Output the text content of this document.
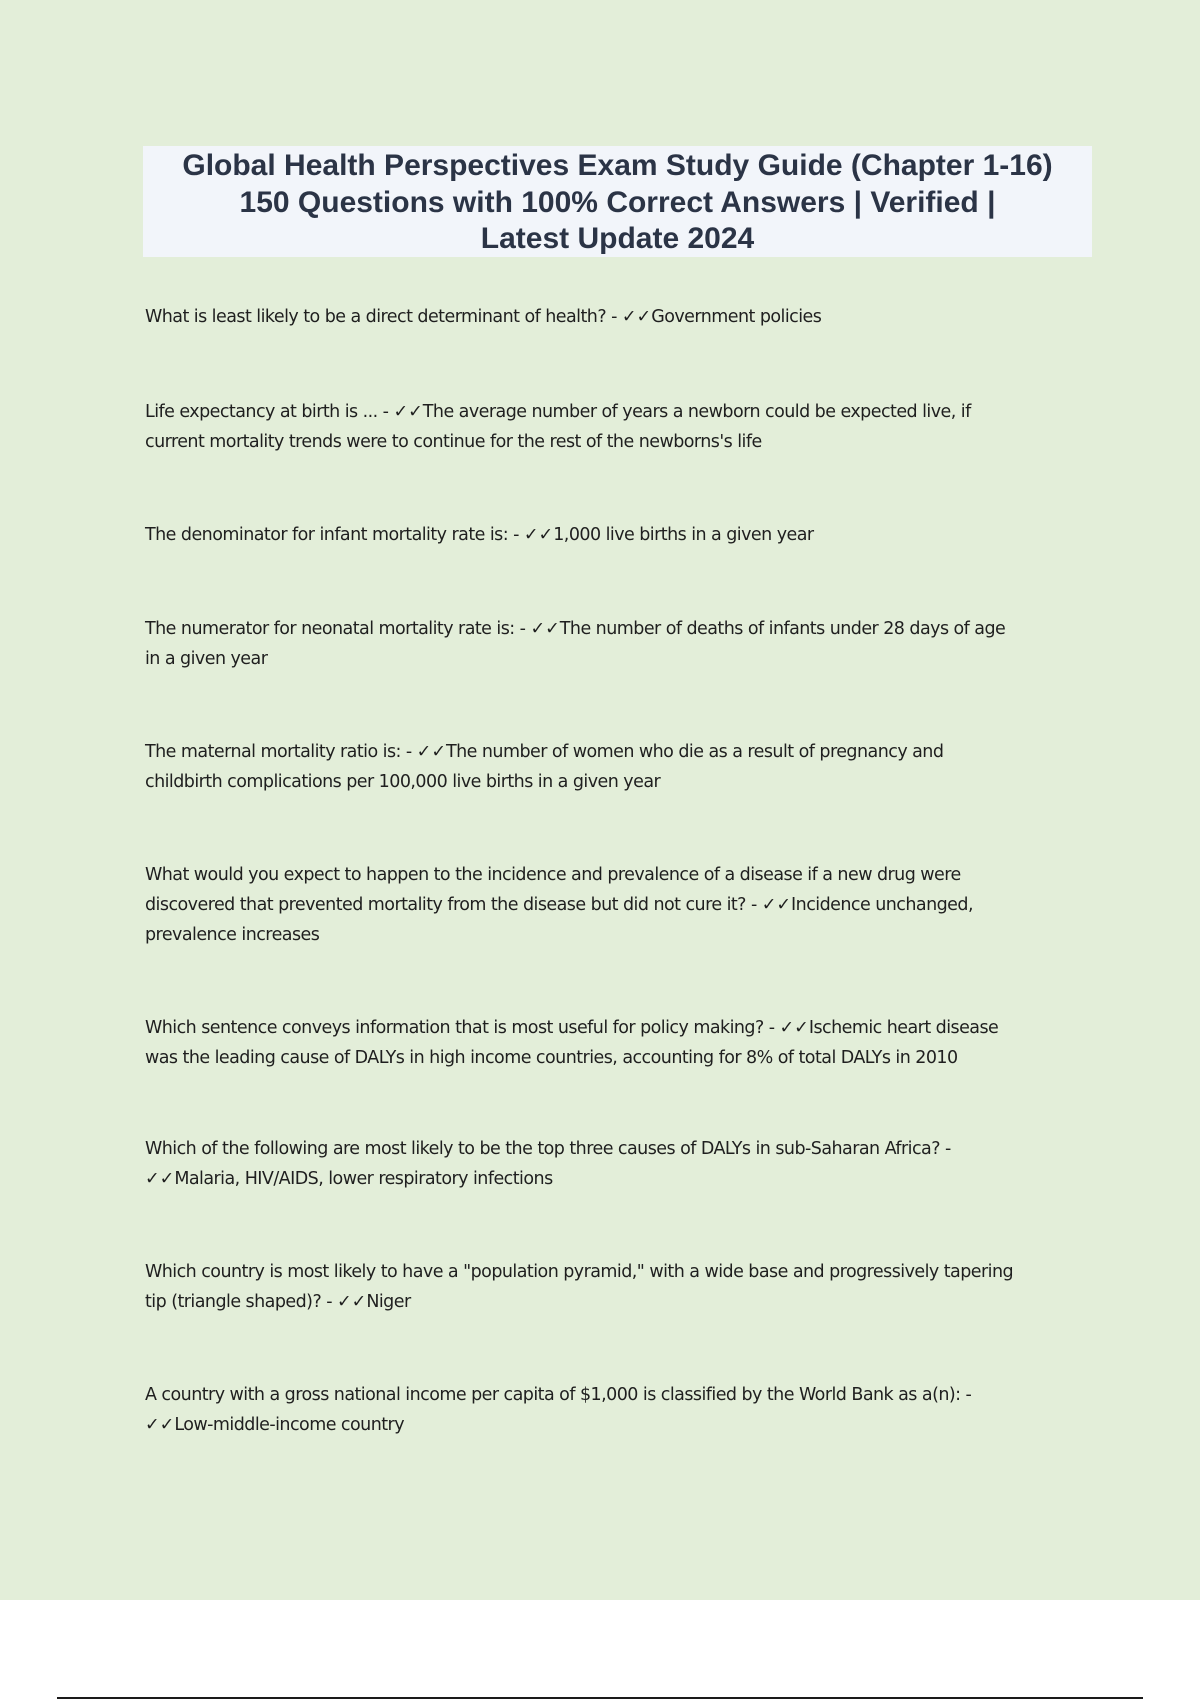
Global Health Perspectives Exam Study Guide (Chapter 1-16)
150 Questions with 100% Correct Answers | Verified |
Latest Update 2024

What is least likely to be a direct determinant of health? - ✓✓Government policies

Life expectancy at birth is ... - ✓✓The average number of years a newborn could be expected live, if
current mortality trends were to continue for the rest of the newborns's life

The denominator for infant mortality rate is: - ✓✓1,000 live births in a given year

The numerator for neonatal mortality rate is: - ✓✓The number of deaths of infants under 28 days of age
in a given year

The maternal mortality ratio is: - ✓✓The number of women who die as a result of pregnancy and
childbirth complications per 100,000 live births in a given year

What would you expect to happen to the incidence and prevalence of a disease if a new drug were
discovered that prevented mortality from the disease but did not cure it? - ✓✓Incidence unchanged,
prevalence increases

Which sentence conveys information that is most useful for policy making? - ✓✓Ischemic heart disease
was the leading cause of DALYs in high income countries, accounting for 8% of total DALYs in 2010

Which of the following are most likely to be the top three causes of DALYs in sub-Saharan Africa? -
✓✓Malaria, HIV/AIDS, lower respiratory infections

Which country is most likely to have a "population pyramid," with a wide base and progressively tapering
tip (triangle shaped)? - ✓✓Niger

A country with a gross national income per capita of $1,000 is classified by the World Bank as a(n): -
✓✓Low-middle-income country
